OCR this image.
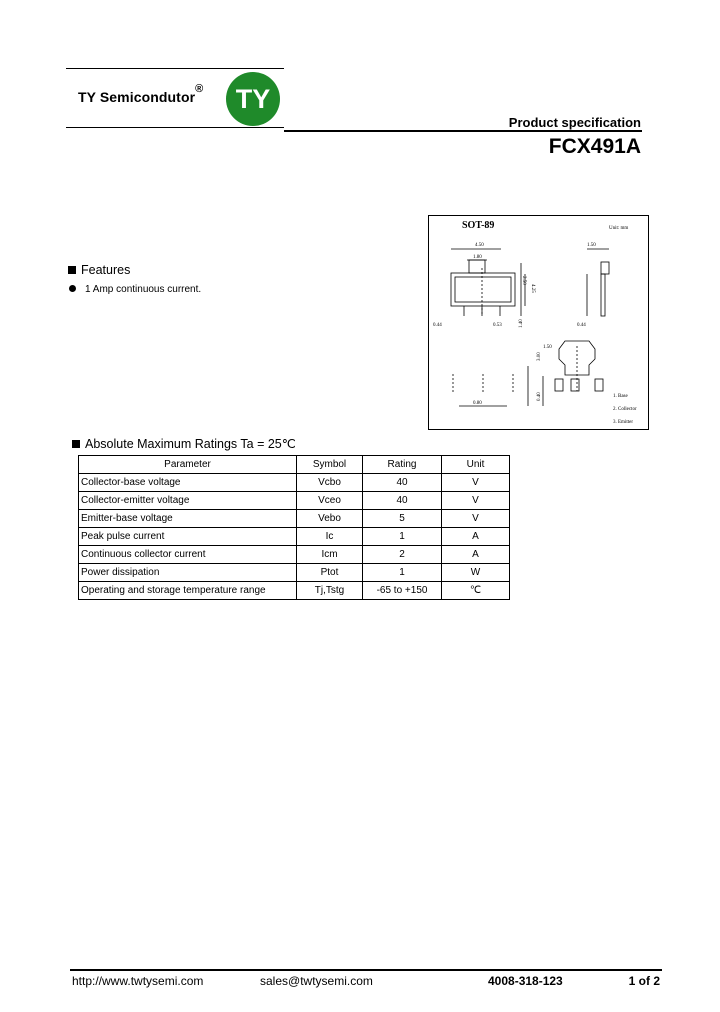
TY Semicondutor® TY
Product specification
FCX491A
SOT-89	Unit: mm
4.50
1.80
1.50
0.44	0.53	0.44
2.50
4.25
1.40
3.00
0.40
0.80
1.50
1. Base
2. Collector
3. Emitter
Features
1 Amp continuous current.
Absolute Maximum Ratings Ta = 25℃
Parameter	Symbol	Rating	Unit
Collector-base voltage	Vcbo	40	V
Collector-emitter voltage	Vceo	40	V
Emitter-base voltage	Vebo	5	V
Peak pulse current	Ic	1	A
Continuous collector current	Icm	2	A
Power dissipation	Ptot	1	W
Operating and storage temperature range	Tj,Tstg	-65 to +150	℃
http://www.twtysemi.com	sales@twtysemi.com	4008-318-123	1 of 2
